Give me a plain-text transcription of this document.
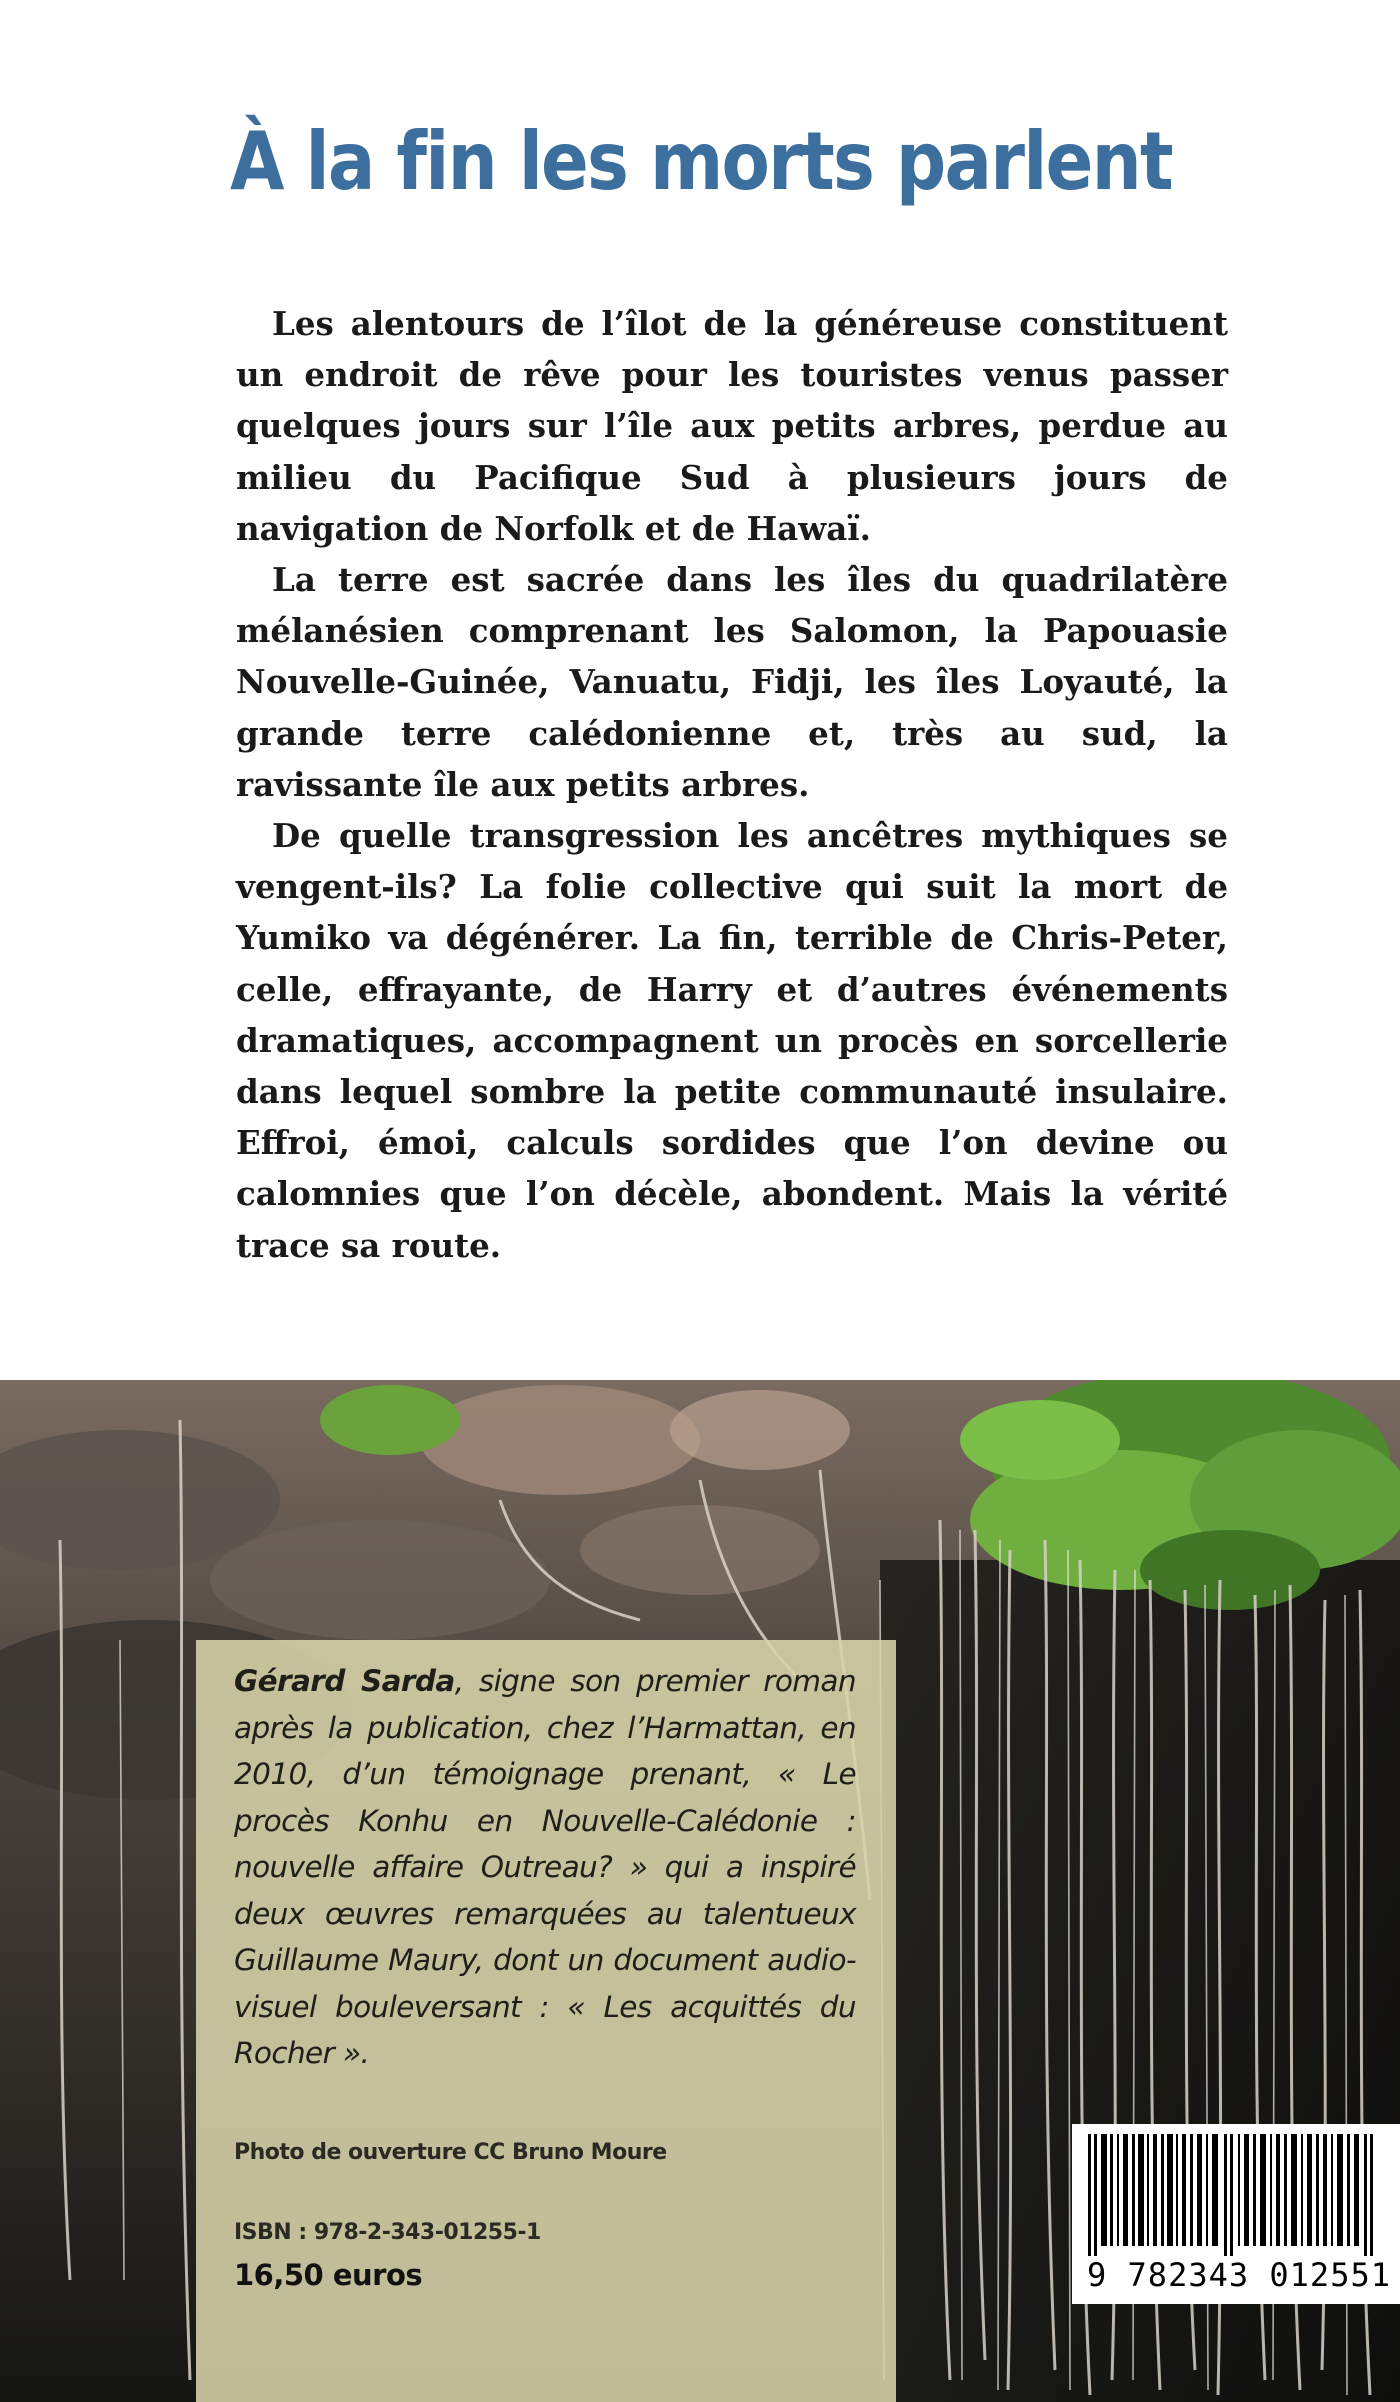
À la fin les morts parlent

Les alentours de l’îlot de la généreuse constituent un endroit de rêve pour les touristes venus passer quelques jours sur l’île aux petits arbres, perdue au milieu du Pacifique Sud à plusieurs jours de navigation de Norfolk et de Hawaï.

La terre est sacrée dans les îles du quadrilatère mélanésien comprenant les Salomon, la Papouasie Nouvelle-Guinée, Vanuatu, Fidji, les îles Loyauté, la grande terre calédonienne et, très au sud, la ravissante île aux petits arbres.

De quelle transgression les ancêtres mythiques se vengent-ils? La folie collective qui suit la mort de Yumiko va dégénérer. La fin, terrible de Chris-Peter, celle, effrayante, de Harry et d’autres événements dramatiques, accompagnent un procès en sorcellerie dans lequel sombre la petite communauté insulaire. Effroi, émoi, calculs sordides que l’on devine ou calomnies que l’on décèle, abondent. Mais la vérité trace sa route.

Gérard Sarda, signe son premier roman après la publication, chez l’Harmattan, en 2010, d’un témoignage prenant, « Le procès Konhu en Nouvelle-Calédonie : nouvelle affaire Outreau? » qui a inspiré deux œuvres remarquées au talentueux Guillaume Maury, dont un document audio-visuel bouleversant : « Les acquittés du Rocher ».
Photo de ouverture CC Bruno Moure
ISBN : 978-2-343-01255-1
16,50 euros	9 782343 012551
